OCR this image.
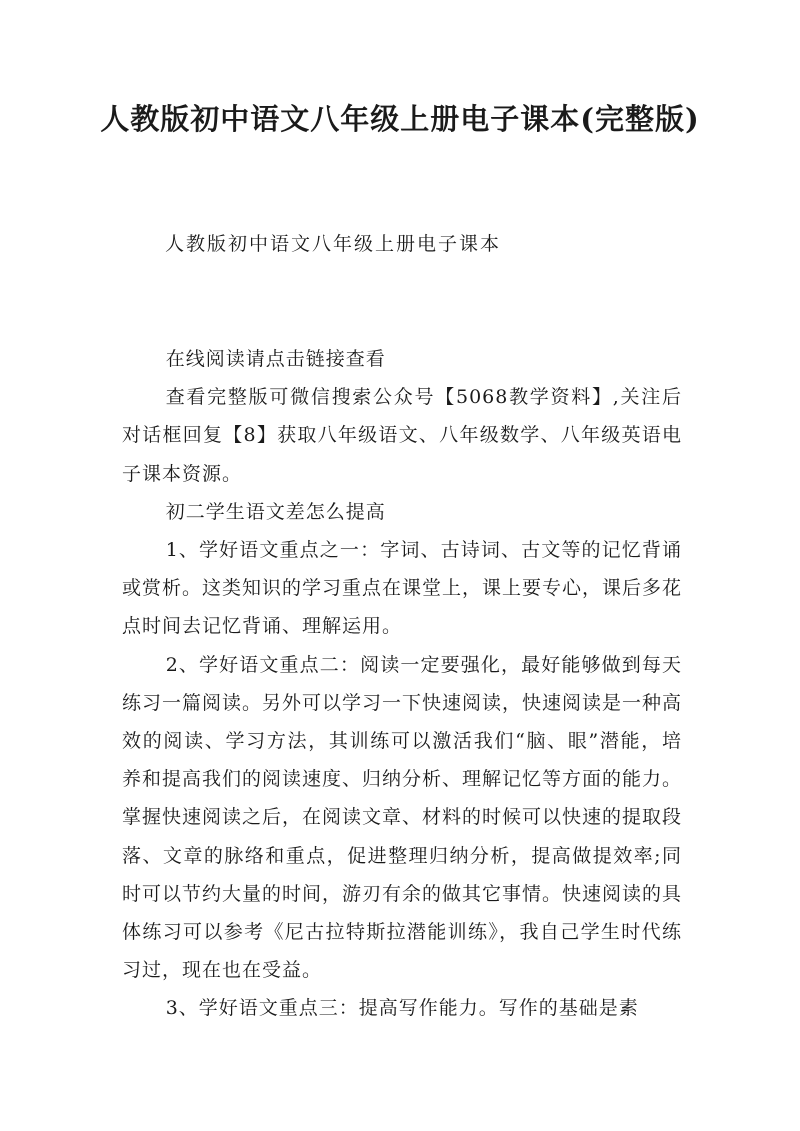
人教版初中语文八年级上册电子课本(完整版)

人教版初中语文八年级上册电子课本

在线阅读请点击链接查看

查看完整版可微信搜索公众号【5068教学资料】,关注后对话框回复【8】获取八年级语文、八年级数学、八年级英语电子课本资源。

初二学生语文差怎么提高

1、学好语文重点之一：字词、古诗词、古文等的记忆背诵或赏析。这类知识的学习重点在课堂上，课上要专心，课后多花点时间去记忆背诵、理解运用。

2、学好语文重点二：阅读一定要强化，最好能够做到每天练习一篇阅读。另外可以学习一下快速阅读，快速阅读是一种高效的阅读、学习方法，其训练可以激活我们“脑、眼”潜能，培养和提高我们的阅读速度、归纳分析、理解记忆等方面的能力。掌握快速阅读之后，在阅读文章、材料的时候可以快速的提取段落、文章的脉络和重点，促进整理归纳分析，提高做提效率;同时可以节约大量的时间，游刃有余的做其它事情。快速阅读的具体练习可以参考《尼古拉特斯拉潜能训练》，我自己学生时代练习过，现在也在受益。

3、学好语文重点三：提高写作能力。写作的基础是素
